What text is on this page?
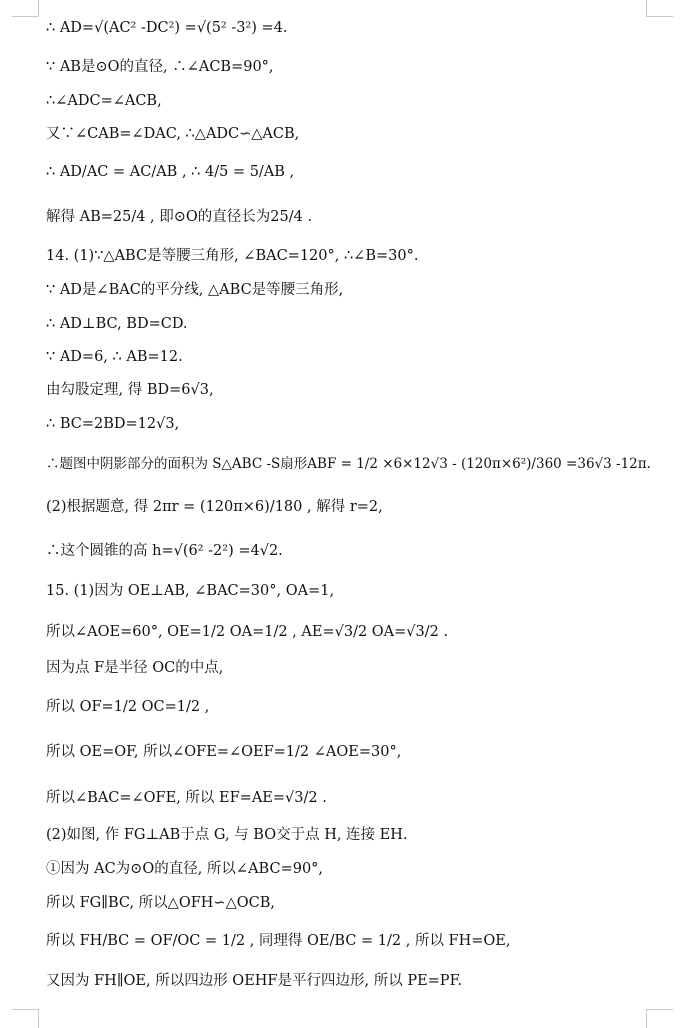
∴ AD=√(AC² -DC²) =√(5² -3²) =4.
∵ AB是⊙O的直径, ∴∠ACB=90°,
∴∠ADC=∠ACB,
又∵∠CAB=∠DAC, ∴△ADC∽△ACB,
∴ AD/AC = AC/AB , ∴ 4/5 = 5/AB ,
解得 AB=25/4 , 即⊙O的直径长为25/4 .
14. (1)∵△ABC是等腰三角形, ∠BAC=120°, ∴∠B=30°.
∵ AD是∠BAC的平分线, △ABC是等腰三角形,
∴ AD⊥BC, BD=CD.
∵ AD=6, ∴ AB=12.
由勾股定理, 得 BD=6√3,
∴ BC=2BD=12√3,
∴题图中阴影部分的面积为 S△ABC -S扇形ABF = 1/2 ×6×12√3 - (120π×6²)/360 =36√3 -12π.
(2)根据题意, 得 2πr = (120π×6)/180 , 解得 r=2,
∴这个圆锥的高 h=√(6² -2²) =4√2.
15. (1)因为 OE⊥AB, ∠BAC=30°, OA=1,
所以∠AOE=60°, OE=1/2 OA=1/2 , AE=√3/2 OA=√3/2 .
因为点 F是半径 OC的中点,
所以 OF=1/2 OC=1/2 ,
所以 OE=OF, 所以∠OFE=∠OEF=1/2 ∠AOE=30°,
所以∠BAC=∠OFE, 所以 EF=AE=√3/2 .
(2)如图, 作 FG⊥AB于点 G, 与 BO交于点 H, 连接 EH.
①因为 AC为⊙O的直径, 所以∠ABC=90°,
所以 FG∥BC, 所以△OFH∽△OCB,
所以 FH/BC = OF/OC = 1/2 , 同理得 OE/BC = 1/2 , 所以 FH=OE,
又因为 FH∥OE, 所以四边形 OEHF是平行四边形, 所以 PE=PF.
